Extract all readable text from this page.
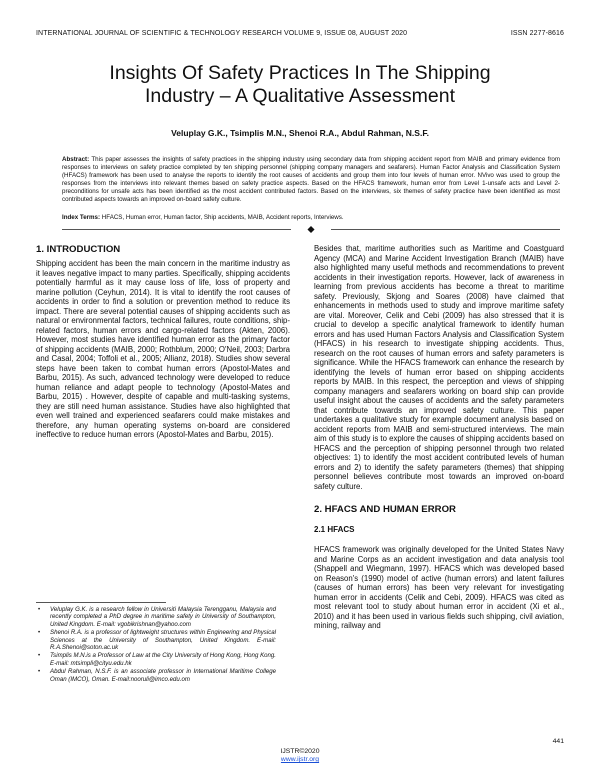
INTERNATIONAL JOURNAL OF SCIENTIFIC & TECHNOLOGY RESEARCH VOLUME 9, ISSUE 08, AUGUST 2020	ISSN 2277-8616
Insights Of Safety Practices In The Shipping
Industry – A Qualitative Assessment
Veluplay G.K., Tsimplis M.N., Shenoi R.A., Abdul Rahman, N.S.F.
Abstract: This paper assesses the insights of safety practices in the shipping industry using secondary data from shipping accident report from MAIB and primary evidence from responses to interviews on safety practice completed by ten shipping personnel (shipping company managers and seafarers). Human Factor Analysis and Classification System (HFACS) framework has been used to analyse the reports to identify the root causes of accidents and group them into four levels of human error. NVivo was used to group the responses from the interviews into relevant themes based on safety practice aspects. Based on the HFACS framework, human error from Level 1-unsafe acts and Level 2-preconditions for unsafe acts has been identified as the most accident contributed factors. Based on the interviews, six themes of safety practice have been identified as most contributed aspects towards an improved on-board safety culture.
Index Terms: HFACS, Human error, Human factor, Ship accidents, MAIB, Accident reports, Interviews.
1. INTRODUCTION

Shipping accident has been the main concern in the maritime industry as it leaves negative impact to many parties. Specifically, shipping accidents potentially harmful as it may cause loss of life, loss of property and marine pollution (Ceyhun, 2014). It is vital to identify the root causes of accidents in order to find a solution or prevention method to reduce its impact. There are several potential causes of shipping accidents such as natural or environmental factors, technical failures, route conditions, ship-related factors, human errors and cargo-related factors (Akten, 2006). However, most studies have identified human error as the primary factor of shipping accidents (MAIB, 2000; Rothblum, 2000; O'Neil, 2003; Darbra and Casal, 2004; Toffoli et al., 2005; Allianz, 2018). Studies show several steps have been taken to combat human errors (Apostol-Mates and Barbu, 2015). As such, advanced technology were developed to reduce human reliance and adapt people to technology (Apostol-Mates and Barbu, 2015) . However, despite of capable and multi-tasking systems, they are still need human assistance. Studies have also highlighted that even well trained and experienced seafarers could make mistakes and therefore, any human operating systems on-board are considered ineffective to reduce human errors (Apostol-Mates and Barbu, 2015).

• Veluplay G.K. is a research fellow in Universiti Malaysia Terengganu, Malaysia and recently completed a PhD degree in maritime safety in University of Southampton, United Kingdom. E-mail: vgobikrishnan@yahoo.com
• Shenoi R.A. is a professor of lightweight structures within Engineering and Physical Sciences at the University of Southampton, United Kingdom. E-mail: R.A.Shenoi@soton.ac.uk
• Tsimplis M.N.is a Professor of Law at the City University of Hong Kong, Hong Kong. E-mail: mtsimpli@cityu.edu.hk
• Abdul Rahman, N.S.F. is an associate professor in International Maritime College Oman (IMCO), Oman. E-mail:nooruli@imco.edu.om

Besides that, maritime authorities such as Maritime and Coastguard Agency (MCA) and Marine Accident Investigation Branch (MAIB) have also highlighted many useful methods and recommendations to prevent accidents in their investigation reports. However, lack of awareness in learning from previous accidents has become a threat to maritime safety. Previously, Skjong and Soares (2008) have claimed that enhancements in methods used to study and improve maritime safety are vital. Moreover, Celik and Cebi (2009) has also stressed that it is crucial to develop a specific analytical framework to identify human errors and has used Human Factors Analysis and Classification System (HFACS) in his research to investigate shipping accidents. Thus, research on the root causes of human errors and safety parameters is significance. While the HFACS framework can enhance the research by identifying the levels of human error based on shipping accidents reports by MAIB. In this respect, the perception and views of shipping company managers and seafarers working on board ship can provide useful insight about the causes of accidents and the safety parameters that contribute towards an improved safety culture. This paper undertakes a qualitative study for example document analysis based on accident reports from MAIB and semi-structured interviews. The main aim of this study is to explore the causes of shipping accidents based on HFACS and the perception of shipping personnel through two related objectives: 1) to identify the most accident contributed levels of human errors and 2) to identify the safety parameters (themes) that shipping personnel believes contribute most towards an improved on-board safety culture.

2. HFACS AND HUMAN ERROR
2.1 HFACS

HFACS framework was originally developed for the United States Navy and Marine Corps as an accident investigation and data analysis tool (Shappell and Wiegmann, 1997). HFACS which was developed based on Reason's (1990) model of active (human errors) and latent failures (causes of human errors) has been very relevant for investigating human error in accidents (Celik and Cebi, 2009). HFACS was cited as most relevant tool to study about human error in accident (Xi et al., 2010) and it has been used in various fields such shipping, civil aviation, mining, railway and

441
IJSTR©2020
www.ijstr.org
